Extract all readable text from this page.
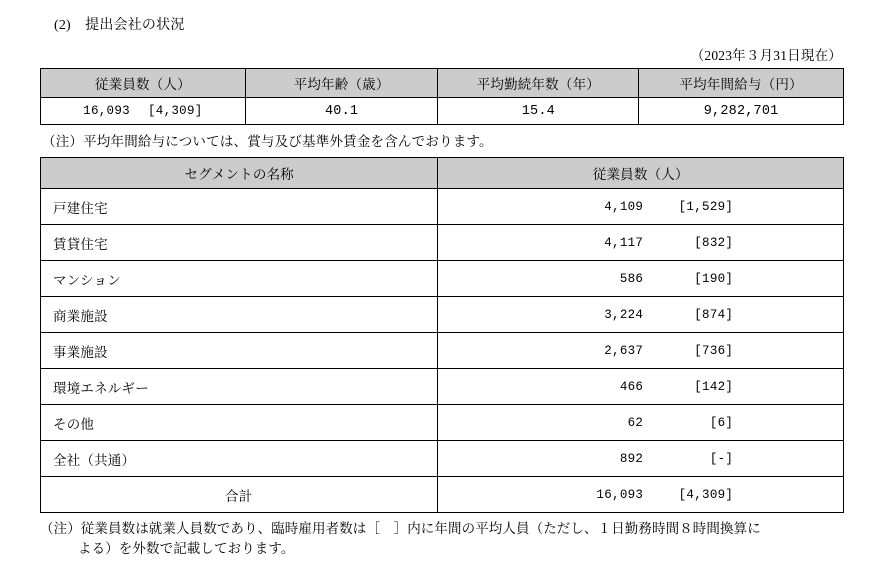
(2)　提出会社の状況
（2023年３月31日現在）
従業員数（人）	平均年齢（歳）	平均勤続年数（年）	平均年間給与（円）

16,093 [4,309]	40.1	15.4	9,282,701
（注）平均年間給与については、賞与及び基準外賃金を含んでおります。
セグメントの名称	従業員数（人）
戸建住宅	4,109 [1,529]

賃貸住宅	4,117 [832]

マンション	586 [190]

商業施設	3,224 [874]

事業施設	2,637 [736]

環境エネルギー	466 [142]

その他	62 [6]

全社（共通）	892 [-]

合計	16,093 [4,309]
（注）従業員数は就業人員数であり、臨時雇用者数は［　］内に年間の平均人員（ただし、１日勤務時間８時間換算に
よる）を外数で記載しております。
